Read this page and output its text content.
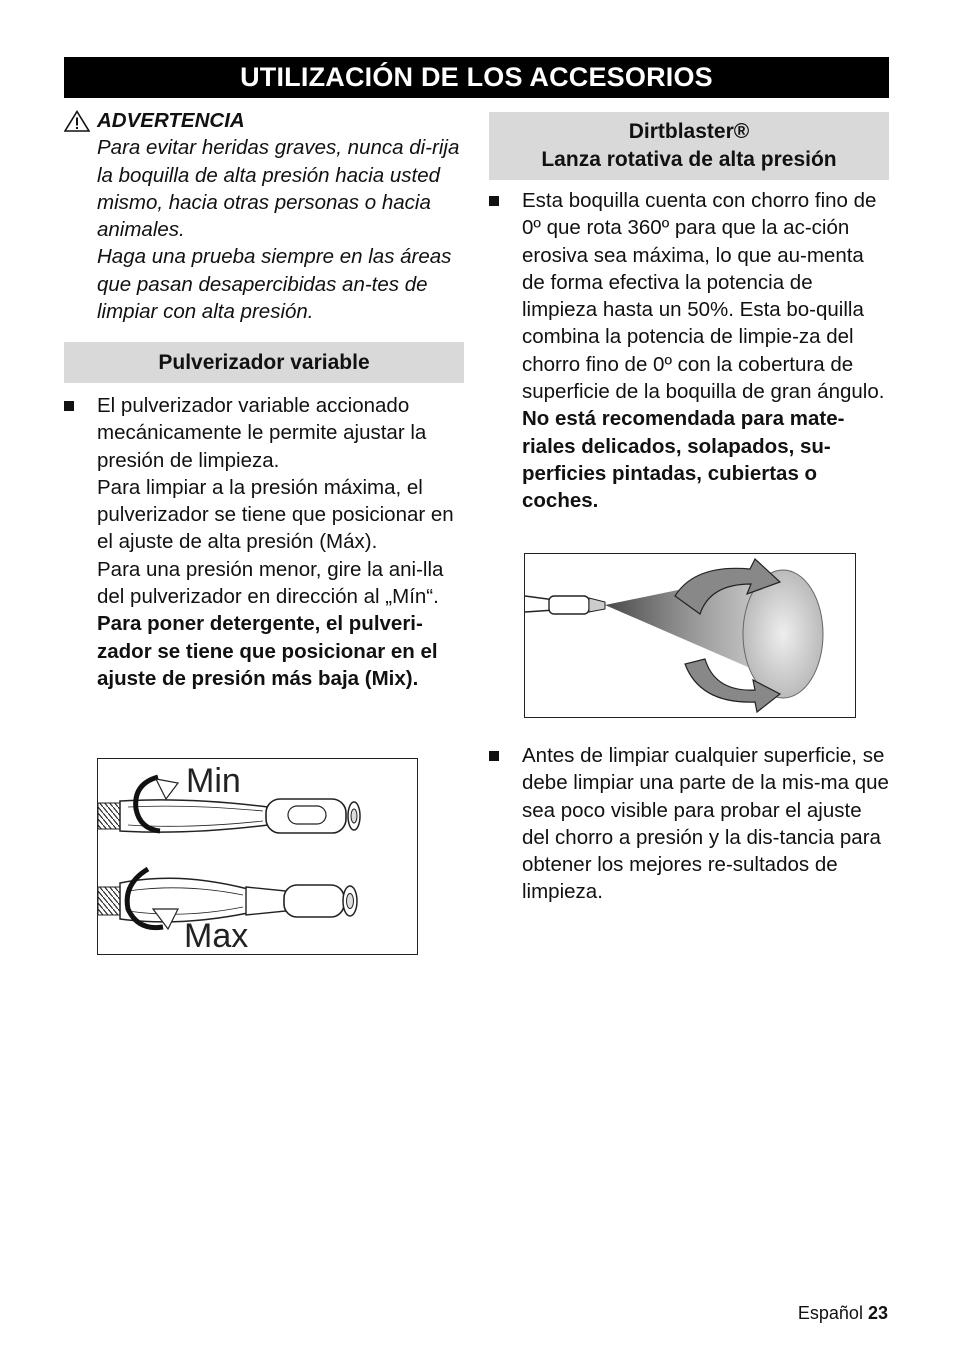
UTILIZACIÓN DE LOS ACCESORIOS
ADVERTENCIA

Para evitar heridas graves, nunca di-rija la boquilla de alta presión hacia usted mismo, hacia otras personas o hacia animales.

Haga una prueba siempre en las áreas que pasan desapercibidas an-tes de limpiar con alta presión.

Pulverizador variable

El pulverizador variable accionado mecánicamente le permite ajustar la presión de limpieza.

Para limpiar a la presión máxima, el pulverizador se tiene que posicionar en el ajuste de alta presión (Máx).

Para una presión menor, gire la ani-lla del pulverizador en dirección al „Mín“.

Para poner detergente, el pulveri-zador se tiene que posicionar en el ajuste de presión más baja (Mix).

Min
Max
Dirtblaster®
Lanza rotativa de alta presión

Esta boquilla cuenta con chorro fino de 0º que rota 360º para que la ac-ción erosiva sea máxima, lo que au-menta de forma efectiva la potencia de limpieza hasta un 50%. Esta bo-quilla combina la potencia de limpie-za del chorro fino de 0º con la cobertura de superficie de la boquilla de gran ángulo.

No está recomendada para mate-riales delicados, solapados, su-perficies pintadas, cubiertas o coches.

Antes de limpiar cualquier superficie, se debe limpiar una parte de la mis-ma que sea poco visible para probar el ajuste del chorro a presión y la dis-tancia para obtener los mejores re-sultados de limpieza.

Español 23
